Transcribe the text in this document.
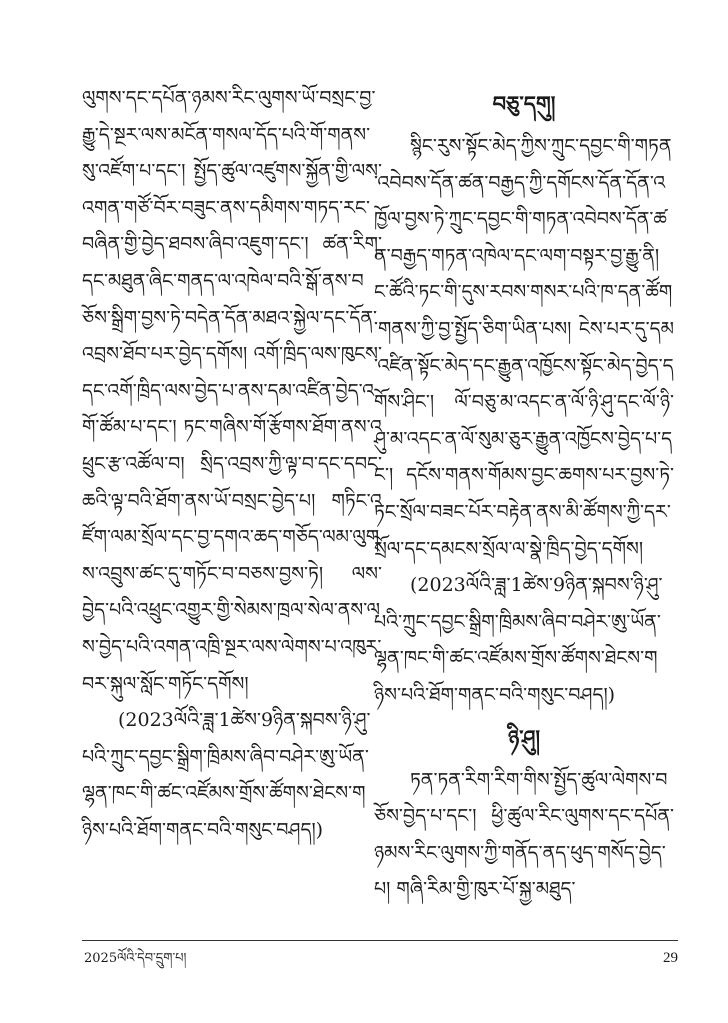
ལུགས་དང་དཔོན་ཉམས་རིང་ལུགས་ཡོ་བསྲང་བྱ་རྒྱུ་དེ་སྔར་ལས་མངོན་གསལ་དོད་པའི་གོ་གནས་སུ་འཛོག་པ་དང་། སྤྱོད་ཚུལ་འཛུགས་སྐྱོན་གྱི་ལས་འགན་གཙོ་བོར་བཟུང་ནས་དམིགས་གཏད་རང་བཞིན་གྱི་བྱེད་ཐབས་ཞིབ་འཇུག་དང་། ཚན་རིག་དང་མཐུན་ཞིང་གནད་ལ་འཁེལ་བའི་སྒོ་ནས་བཅོས་སྒྲིག་བྱས་ཏེ་བདེན་དོན་མཐའ་སྐྱེལ་དང་དོན་འབྲས་ཐོབ་པར་བྱེད་དགོས། འགོ་ཁྲིད་ལས་ཁུངས་དང་འགོ་ཁྲིད་ལས་བྱེད་པ་ནས་དམ་འཛིན་བྱེད་འགོ་ཚོམ་པ་དང་། ཏང་གཞིས་གོ་རྩོགས་ཐོག་ནས་འཕྲུང་རྩ་འཚོལ་བ། སྲིད་འབྲས་ཀྱི་ལྟ་བ་དང་དབང་ཆའི་ལྟ་བའི་ཐོག་ནས་ཡོ་བསྲང་བྱེད་པ། གཏིང་འཛོག་ལམ་སྲོལ་དང་བྱ་དགའ་ཆད་གཅོད་ལམ་ལུགས་འབྲུས་ཚང་དུ་གཏོང་བ་བཅས་བྱས་ཏེ། ལས་བྱེད་པའི་འཕྲུང་འགྱུར་གྱི་སེམས་ཁྲལ་སེལ་ནས་ལས་བྱེད་པའི་འགན་འཁྲི་སྔར་ལས་ལེགས་པ་འཁུར་བར་སྐུལ་སློང་གཏོང་དགོས།

(2023ལོའི་ཟླ་1ཚེས་9ཉིན་སྐབས་ཉི་ཤུ་པའི་ཀྲུང་དབྱང་སྒྲིག་ཁྲིམས་ཞིབ་བཤེར་ཨུ་ཡོན་ལྷན་ཁང་གི་ཚང་འཛོམས་གྲོས་ཚོགས་ཐེངས་གཉིས་པའི་ཐོག་གནང་བའི་གསུང་བཤད།)

བཅུ་དགུ།

སྙིང་རུས་སྟོང་མེད་ཀྱིས་ཀྲུང་དབྱང་གི་གཏན་འབེབས་དོན་ཚན་བརྒྱད་ཀྱི་དགོངས་དོན་དོན་འཁྱོལ་བྱས་ཏེ་ཀྲུང་དབྱང་གི་གཏན་འབེབས་དོན་ཚན་བརྒྱད་གཏན་འཁེལ་དང་ལག་བསྟར་བྱ་རྒྱུ་ནི། ང་ཚོའི་ཏང་གི་དུས་རབས་གསར་པའི་ཁ་དན་ཚོག་གནས་ཀྱི་བྱ་སྤྱོད་ཅིག་ཡིན་པས། ངེས་པར་དུ་དམ་འཛིན་སྟོང་མེད་དང་རྒྱུན་འཁྱོངས་སྟོང་མེད་བྱེད་དགོས་ཤིང་། ལོ་བཅུ་མ་འདང་ན་ལོ་ཉི་ཤུ་དང་ལོ་ཉི་ཤུ་མ་འདང་ན་ལོ་སུམ་ཅུར་རྒྱུན་འཁྱོངས་བྱེད་པ་དང་། དངོས་གནས་གོམས་བྱང་ཆགས་པར་བྱས་ཏེ་ཏང་སྲོལ་བཟང་པོར་བརྟེན་ནས་མི་ཚོགས་ཀྱི་དར་སྲོལ་དང་དམངས་སྲོལ་ལ་སྣེ་ཁྲིད་བྱེད་དགོས།

(2023ལོའི་ཟླ་1ཚེས་9ཉིན་སྐབས་ཉི་ཤུ་པའི་ཀྲུང་དབྱང་སྒྲིག་ཁྲིམས་ཞིབ་བཤེར་ཨུ་ཡོན་ལྷན་ཁང་གི་ཚང་འཛོམས་གྲོས་ཚོགས་ཐེངས་གཉིས་པའི་ཐོག་གནང་བའི་གསུང་བཤད།)

ཉི་ཤུ།

ཏན་ཏན་རིག་རིག་གིས་སྤྱོད་ཚུལ་ལེགས་བཅོས་བྱེད་པ་དང་། ཕྱི་ཚུལ་རིང་ལུགས་དང་དཔོན་ཉམས་རིང་ལུགས་ཀྱི་གནོད་ནད་ཕུད་གསོད་བྱེད་པ། གཞི་རིམ་གྱི་ཁུར་པོ་སྐྱ་མཐུད་

2025ལོའི་དེབ་དྲུག་པ།	29
